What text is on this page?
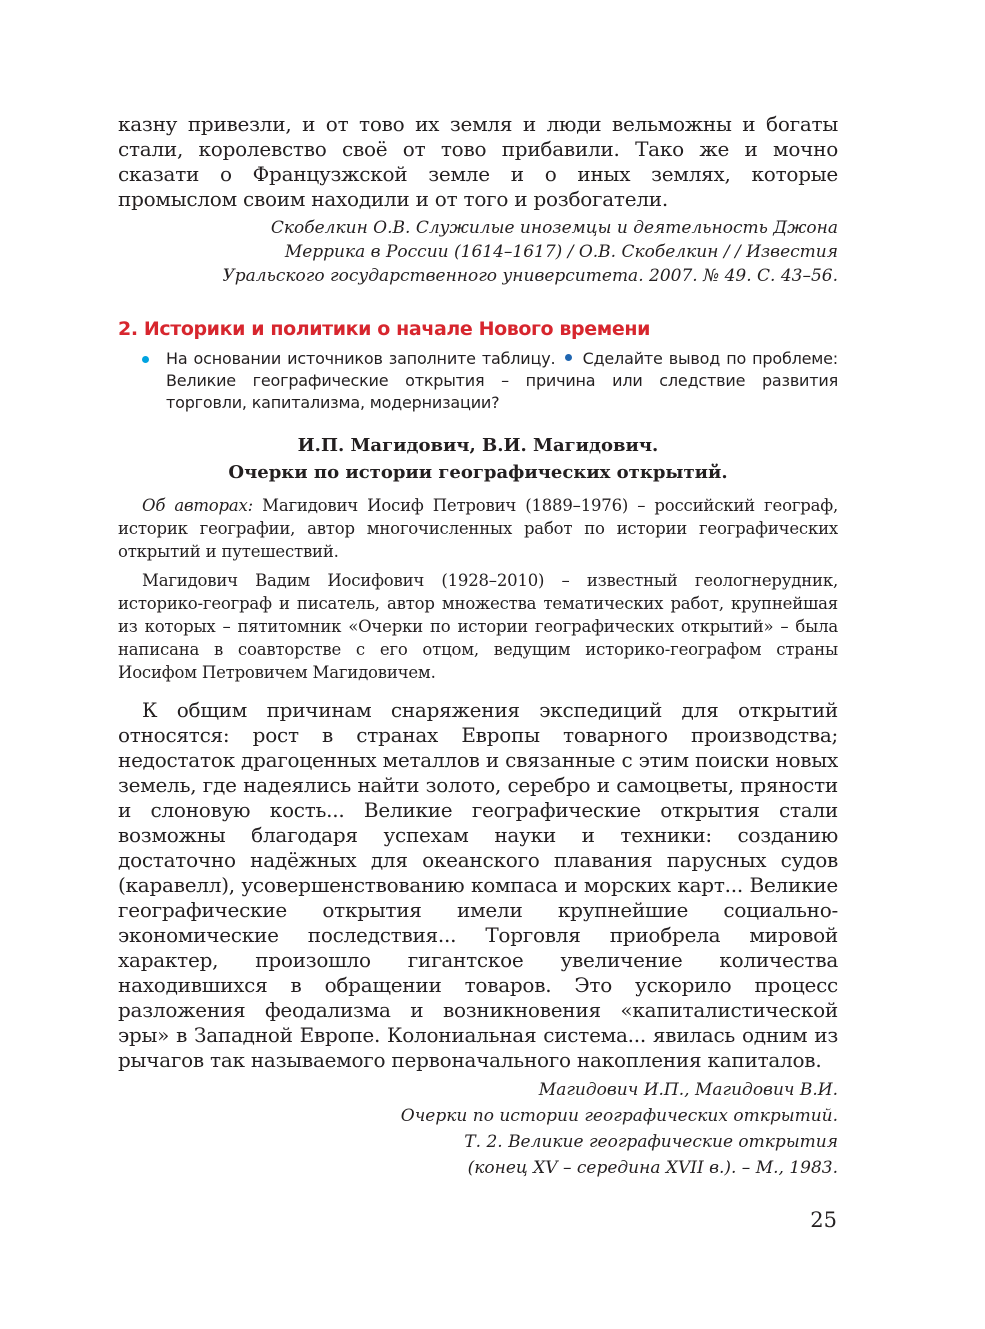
казну привезли, и от тово их земля и люди вельможны и богаты стали, королевство своё от тово прибавили. Тако же и мочно сказати о Французжской земле и о иных землях, которые промыслом своим находили и от того и розбогатели.

Скобелкин О.В. Служилые иноземцы и деятельность Джона
Меррика в России (1614–1617) / О.В. Скобелкин / / Известия
Уральского государственного университета. 2007. № 49. С. 43–56.
2. Историки и политики о начале Нового времени

На основании источников заполните таблицу. Сделайте вывод по проблеме: Великие географические открытия – причина или следствие развития торговли, капитализма, модернизации?

И.П. Магидович, В.И. Магидович.
Очерки по истории географических открытий.

Об авторах: Магидович Иосиф Петрович (1889–1976) – российский географ, историк географии, автор многочисленных работ по истории географических открытий и путешествий.

Магидович Вадим Иосифович (1928–2010) – известный геологнерудник, историко-географ и писатель, автор множества тематических работ, крупнейшая из которых – пятитомник «Очерки по истории географических открытий» – была написана в соавторстве с его отцом, ведущим историко-географом страны Иосифом Петровичем Магидовичем.

К общим причинам снаряжения экспедиций для открытий относятся: рост в странах Европы товарного производства; недостаток драгоценных металлов и связанные с этим поиски новых земель, где надеялись найти золото, серебро и самоцветы, пряности и слоновую кость... Великие географические открытия стали возможны благодаря успехам науки и техники: созданию достаточно надёжных для океанского плавания парусных судов (каравелл), усовершенствованию компаса и морских карт... Великие географические открытия имели крупнейшие социально-экономические последствия... Торговля приобрела мировой характер, произошло гигантское увеличение количества находившихся в обращении товаров. Это ускорило процесс разложения феодализма и возникновения «капиталистической эры» в Западной Европе. Колониальная система... явилась одним из рычагов так называемого первоначального накопления капиталов.

Магидович И.П., Магидович В.И.
Очерки по истории географических открытий.
Т. 2. Великие географические открытия
(конец XV – середина XVII в.). – М., 1983.
25
